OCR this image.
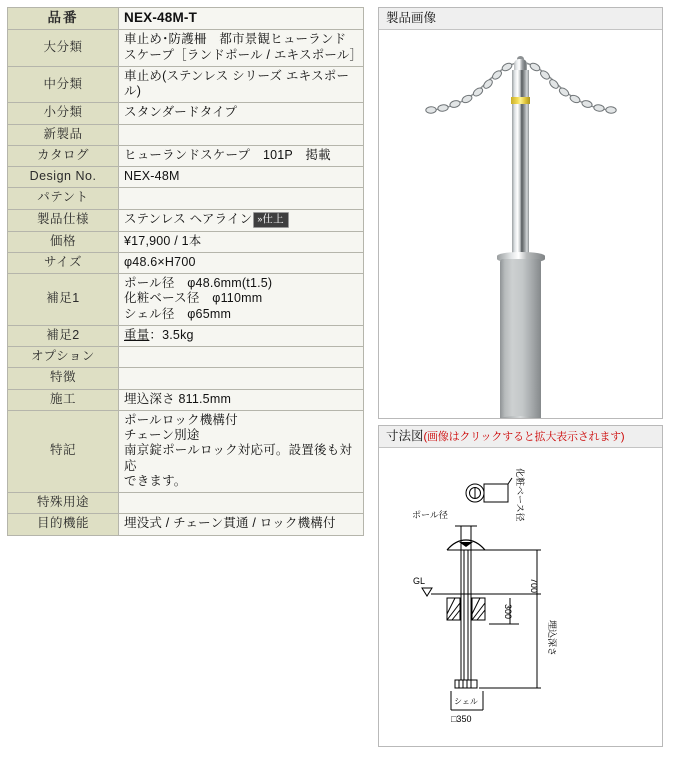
品番	NEX-48M-T
大分類	車止め･防護柵　都市景観ヒューランドスケープ［ランドポール / エキスポール］
中分類	車止め(ステンレス シリーズ エキスポール)
小分類	スタンダードタイプ
新製品	
カタログ	ヒューランドスケープ　101P　掲載
Design No.	NEX-48M
パテント	
製品仕様	ステンレス ヘアライン »仕上
価格	¥17,900 / 1本
サイズ	φ48.6×H700
補足1	ポール径　φ48.6mm(t1.5)
化粧ベース径　φ110mm
シェル径　φ65mm
補足2	重量：3.5kg
オプション	
特徴	
施工	埋込深さ 811.5mm
特記	ポールロック機構付
チェーン別途
南京錠ポールロック対応可。設置後も対応
できます。
特殊用途	
目的機能	埋没式 / チェーン貫通 / ロック機構付
製品画像
寸法図(画像はクリックすると拡大表示されます)
ポール径	化粧ベース径
700
GL
300
埋込深さ
シェル
□350
